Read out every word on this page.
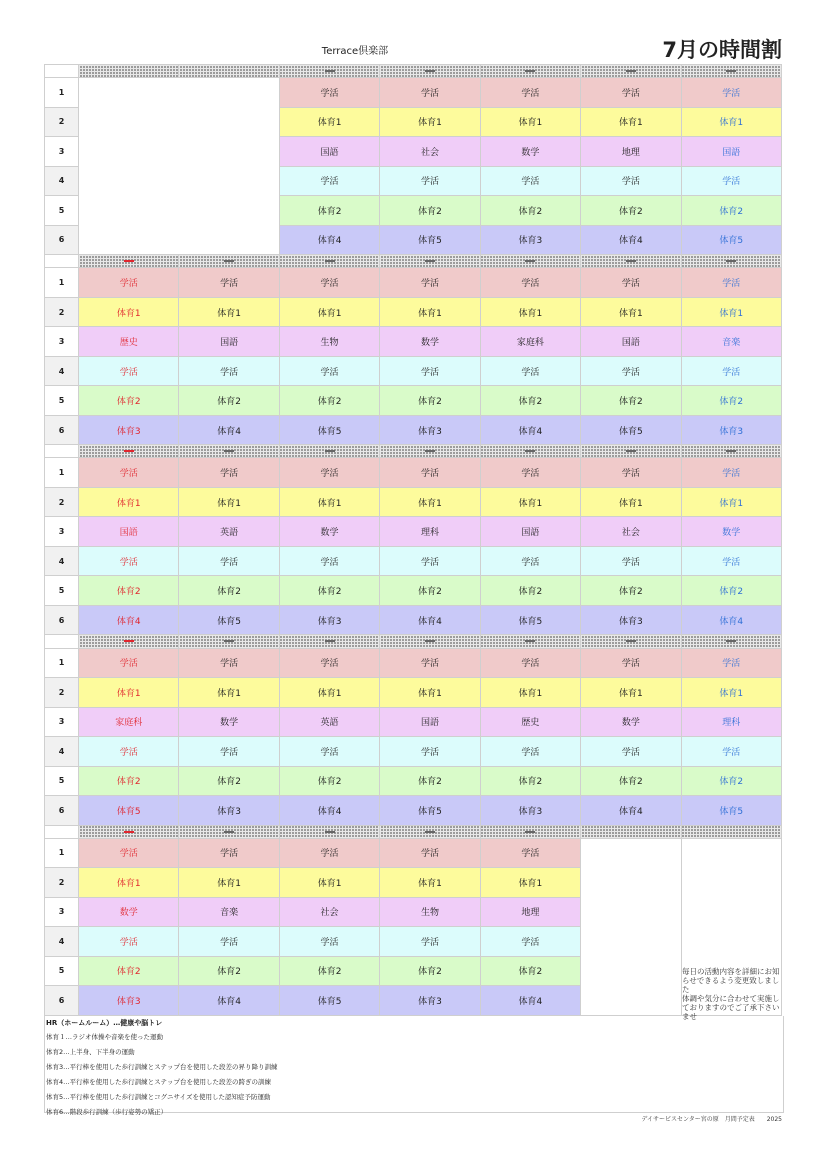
Terrace倶楽部	7月の時間割

1			学活	学活	学活	学活	学活
2			体育1	体育1	体育1	体育1	体育1
3			国語	社会	数学	地理	国語
4			学活	学活	学活	学活	学活
5			体育2	体育2	体育2	体育2	体育2
6			体育4	体育5	体育3	体育4	体育5

1	学活	学活	学活	学活	学活	学活	学活
2	体育1	体育1	体育1	体育1	体育1	体育1	体育1
3	歴史	国語	生物	数学	家庭科	国語	音楽
4	学活	学活	学活	学活	学活	学活	学活
5	体育2	体育2	体育2	体育2	体育2	体育2	体育2
6	体育3	体育4	体育5	体育3	体育4	体育5	体育3

1	学活	学活	学活	学活	学活	学活	学活
2	体育1	体育1	体育1	体育1	体育1	体育1	体育1
3	国語	英語	数学	理科	国語	社会	数学
4	学活	学活	学活	学活	学活	学活	学活
5	体育2	体育2	体育2	体育2	体育2	体育2	体育2
6	体育4	体育5	体育3	体育4	体育5	体育3	体育4

1	学活	学活	学活	学活	学活	学活	学活
2	体育1	体育1	体育1	体育1	体育1	体育1	体育1
3	家庭科	数学	英語	国語	歴史	数学	理科
4	学活	学活	学活	学活	学活	学活	学活
5	体育2	体育2	体育2	体育2	体育2	体育2	体育2
6	体育5	体育3	体育4	体育5	体育3	体育4	体育5

1	学活	学活	学活	学活	学活		
2	体育1	体育1	体育1	体育1	体育1		
3	数学	音楽	社会	生物	地理		
4	学活	学活	学活	学活	学活		
5	体育2	体育2	体育2	体育2	体育2		
6	体育3	体育4	体育5	体育3	体育4		
毎日の活動内容を詳細にお知らせできるよう変更致しました
体調や気分に合わせて実施しておりますのでご了承下さいませ
HR（ホームルーム）…健康や脳トレ
体育１…ラジオ体操や音楽を使った運動
体育2…上半身、下半身の運動
体育3…平行棒を使用した歩行訓練とステップ台を使用した段差の昇り降り訓練
体育4…平行棒を使用した歩行訓練とステップ台を使用した段差の跨ぎの訓練
体育5…平行棒を使用した歩行訓練とコグニサイズを使用した認知症予防運動
体育6…階段歩行訓練（歩行姿勢の矯正）
デイサービスセンター宮の原　月間予定表　　2025
